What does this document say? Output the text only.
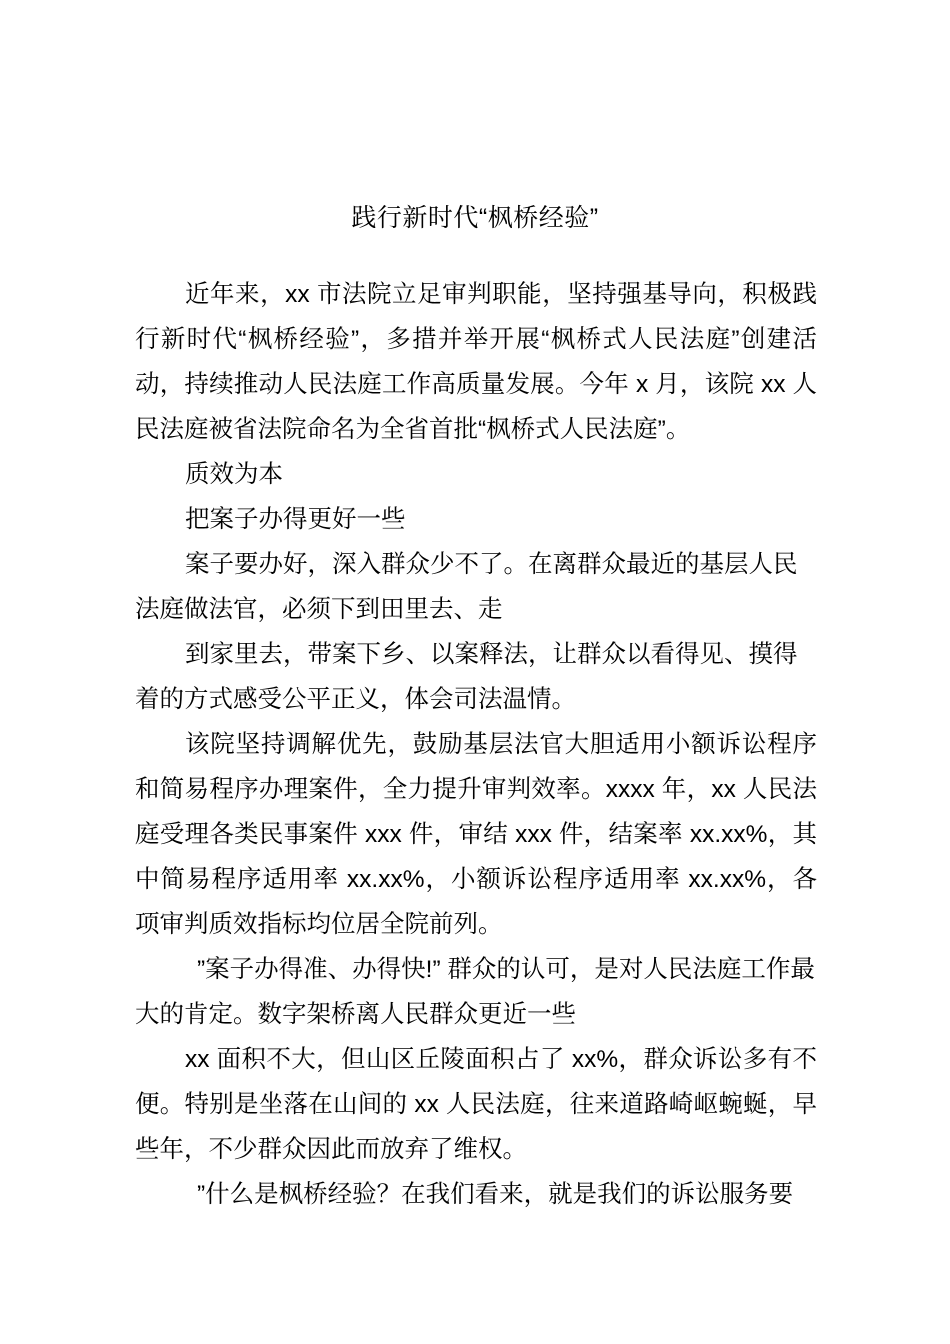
践行新时代“枫桥经验”

近年来，xx 市法院立足审判职能，坚持强基导向，积极践行新时代“枫桥经验”，多措并举开展“枫桥式人民法庭”创建活动，持续推动人民法庭工作高质量发展。今年 x 月，该院 xx 人民法庭被省法院命名为全省首批“枫桥式人民法庭”。

质效为本

把案子办得更好一些

案子要办好，深入群众少不了。在离群众最近的基层人民法庭做法官，必须下到田里去、走

到家里去，带案下乡、以案释法，让群众以看得见、摸得着的方式感受公平正义，体会司法温情。

该院坚持调解优先，鼓励基层法官大胆适用小额诉讼程序和简易程序办理案件，全力提升审判效率。xxxx 年，xx 人民法庭受理各类民事案件 xxx 件，审结 xxx 件，结案率 xx.xx%，其中简易程序适用率 xx.xx%，小额诉讼程序适用率 xx.xx%，各项审判质效指标均位居全院前列。

”案子办得准、办得快!” 群众的认可，是对人民法庭工作最大的肯定。数字架桥离人民群众更近一些

xx 面积不大，但山区丘陵面积占了 xx%，群众诉讼多有不便。特别是坐落在山间的 xx 人民法庭，往来道路崎岖蜿蜒，早些年，不少群众因此而放弃了维权。

”什么是枫桥经验？在我们看来，就是我们的诉讼服务要
